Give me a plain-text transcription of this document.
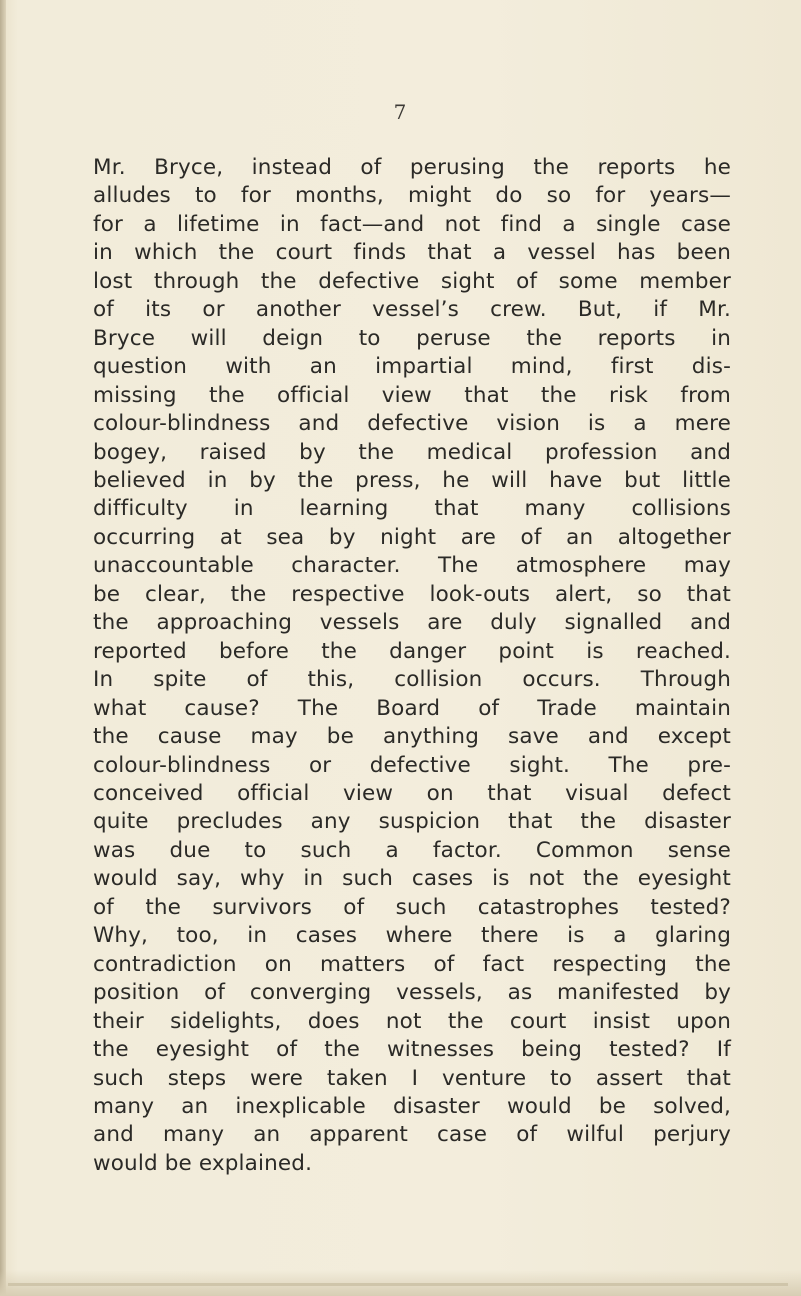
7
Mr. Bryce, instead of perusing the reports he
alludes to for months, might do so for years—
for a lifetime in fact—and not find a single case
in which the court finds that a vessel has been
lost through the defective sight of some member
of its or another vessel’s crew. But, if Mr.
Bryce will deign to peruse the reports in
question with an impartial mind, first dis-
missing the official view that the risk from
colour-blindness and defective vision is a mere
bogey, raised by the medical profession and
believed in by the press, he will have but little
difficulty in learning that many collisions
occurring at sea by night are of an altogether
unaccountable character. The atmosphere may
be clear, the respective look-outs alert, so that
the approaching vessels are duly signalled and
reported before the danger point is reached.
In spite of this, collision occurs. Through
what cause? The Board of Trade maintain
the cause may be anything save and except
colour-blindness or defective sight. The pre-
conceived official view on that visual defect
quite precludes any suspicion that the disaster
was due to such a factor. Common sense
would say, why in such cases is not the eyesight
of the survivors of such catastrophes tested?
Why, too, in cases where there is a glaring
contradiction on matters of fact respecting the
position of converging vessels, as manifested by
their sidelights, does not the court insist upon
the eyesight of the witnesses being tested? If
such steps were taken I venture to assert that
many an inexplicable disaster would be solved,
and many an apparent case of wilful perjury
would be explained.
